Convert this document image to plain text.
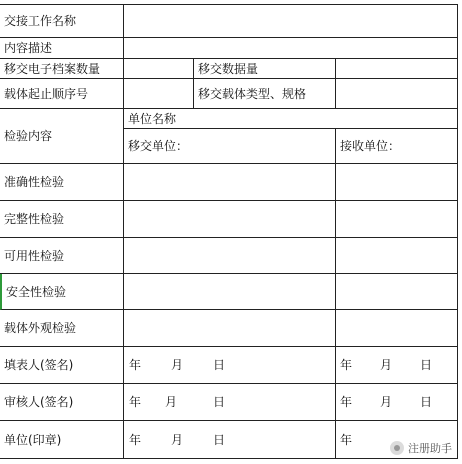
交接工作名称
内容描述
移交电子档案数量	移交数据量
载体起止顺序号	移交载体类型、规格
检验内容
单位名称
移交单位：	接收单位：
准确性检验
完整性检验
可用性检验
安全性检验
载体外观检验
填表人(签名)	年	月	日	年 月 日
审核人(签名)	年 月	日	年 月 日
单位(印章)	年	月	日	年
注册助手
